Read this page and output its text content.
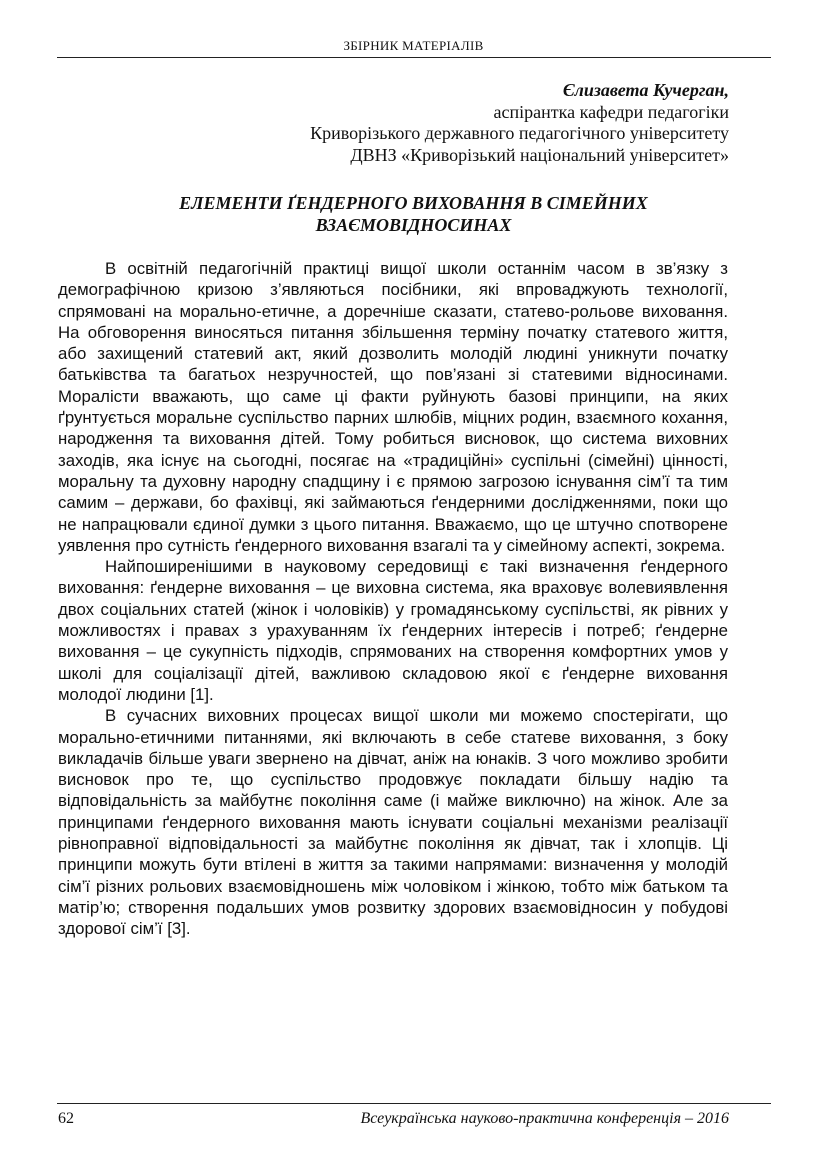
ЗБІРНИК МАТЕРІАЛІВ
Єлизавета Кучерган,
аспірантка кафедри педагогіки
Криворізького державного педагогічного університету
ДВНЗ «Криворізький національний університет»
ЕЛЕМЕНТИ ҐЕНДЕРНОГО ВИХОВАННЯ В СІМЕЙНИХ
ВЗАЄМОВІДНОСИНАХ

В освітній педагогічній практиці вищої школи останнім часом в зв’язку з демографічною кризою з’являються посібники, які впроваджують технології, спрямовані на морально-етичне, а доречніше сказати, статево-рольове виховання. На обговорення виносяться питання збільшення терміну початку статевого життя, або захищений статевий акт, який дозволить молодій людині уникнути початку батьківства та багатьох незручностей, що пов’язані зі статевими відносинами. Моралісти вважають, що саме ці факти руйнують базові принципи, на яких ґрунтується моральне суспільство парних шлюбів, міцних родин, взаємного кохання, народження та виховання дітей. Тому робиться висновок, що система виховних заходів, яка існує на сьогодні, посягає на «традиційні» суспільні (сімейні) цінності, моральну та духовну народну спадщину і є прямою загрозою існування сім’ї та тим самим – держави, бо фахівці, які займаються ґендерними дослідженнями, поки що не напрацювали єдиної думки з цього питання. Вважаємо, що це штучно спотворене уявлення про сутність ґендерного виховання взагалі та у сімейному аспекті, зокрема.

Найпоширенішими в науковому середовищі є такі визначення ґендерного виховання: ґендерне виховання – це виховна система, яка враховує волевиявлення двох соціальних статей (жінок і чоловіків) у громадянському суспільстві, як рівних у можливостях і правах з урахуванням їх ґендерних інтересів і потреб; ґендерне виховання – це сукупність підходів, спрямованих на створення комфортних умов у школі для соціалізації дітей, важливою складовою якої є ґендерне виховання молодої людини [1].

В сучасних виховних процесах вищої школи ми можемо спостерігати, що морально-етичними питаннями, які включають в себе статеве виховання, з боку викладачів більше уваги звернено на дівчат, аніж на юнаків. З чого можливо зробити висновок про те, що суспільство продовжує покладати більшу надію та відповідальність за майбутнє покоління саме (і майже виключно) на жінок. Але за принципами ґендерного виховання мають існувати соціальні механізми реалізації рівноправної відповідальності за майбутнє покоління як дівчат, так і хлопців. Ці принципи можуть бути втілені в життя за такими напрямами: визначення у молодій сім’ї різних рольових взаємовідношень між чоловіком і жінкою, тобто між батьком та матір’ю; створення подальших умов розвитку здорових взаємовідносин у побудові здорової сім’ї [3].

62	Всеукраїнська науково-практична конференція – 2016
